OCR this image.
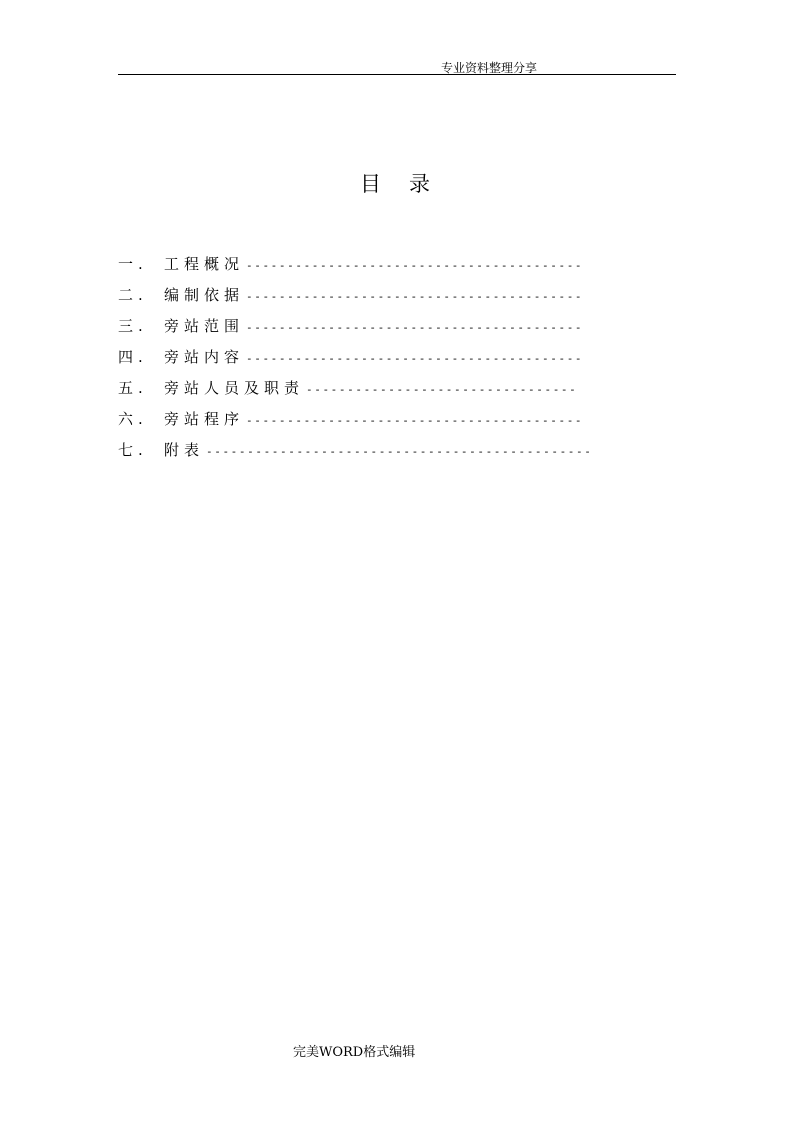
专业资料整理分享
目 录
一.	工程概况 -----------------------------------------
二.	编制依据 -----------------------------------------
三.	旁站范围 -----------------------------------------
四.	旁站内容 -----------------------------------------
五.	旁站人员及职责 ---------------------------------
六.	旁站程序 -----------------------------------------
七.	附表 -----------------------------------------------
完美WORD格式编辑
